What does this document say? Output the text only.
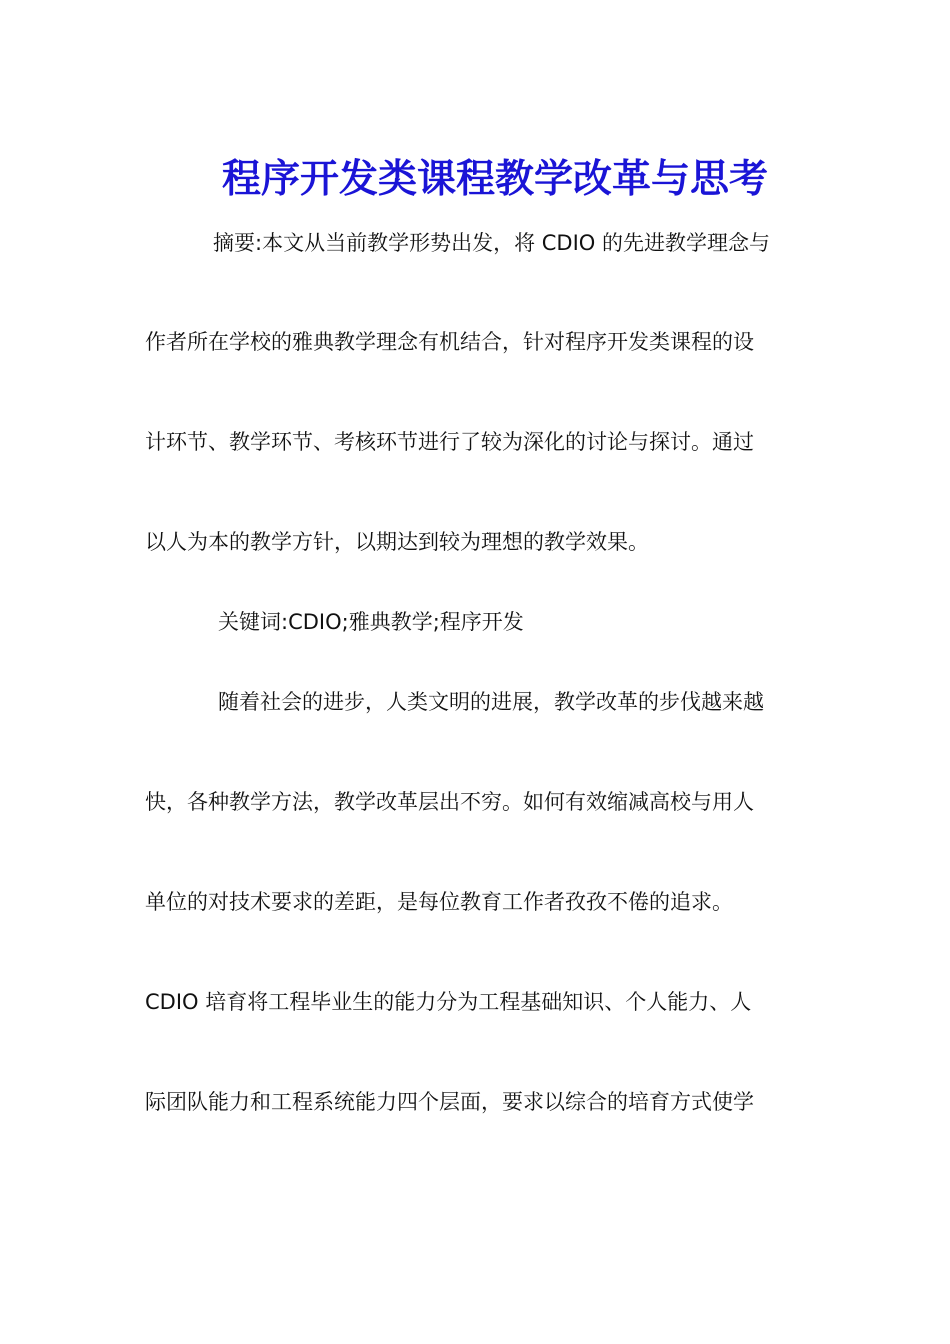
程序开发类课程教学改革与思考
摘要:本文从当前教学形势出发，将 CDIO 的先进教学理念与
作者所在学校的雅典教学理念有机结合，针对程序开发类课程的设
计环节、教学环节、考核环节进行了较为深化的讨论与探讨。通过
以人为本的教学方针，以期达到较为理想的教学效果。
关键词:CDIO;雅典教学;程序开发
随着社会的进步，人类文明的进展，教学改革的步伐越来越
快，各种教学方法，教学改革层出不穷。如何有效缩减高校与用人
单位的对技术要求的差距，是每位教育工作者孜孜不倦的追求。
CDIO 培育将工程毕业生的能力分为工程基础知识、个人能力、人
际团队能力和工程系统能力四个层面，要求以综合的培育方式使学
